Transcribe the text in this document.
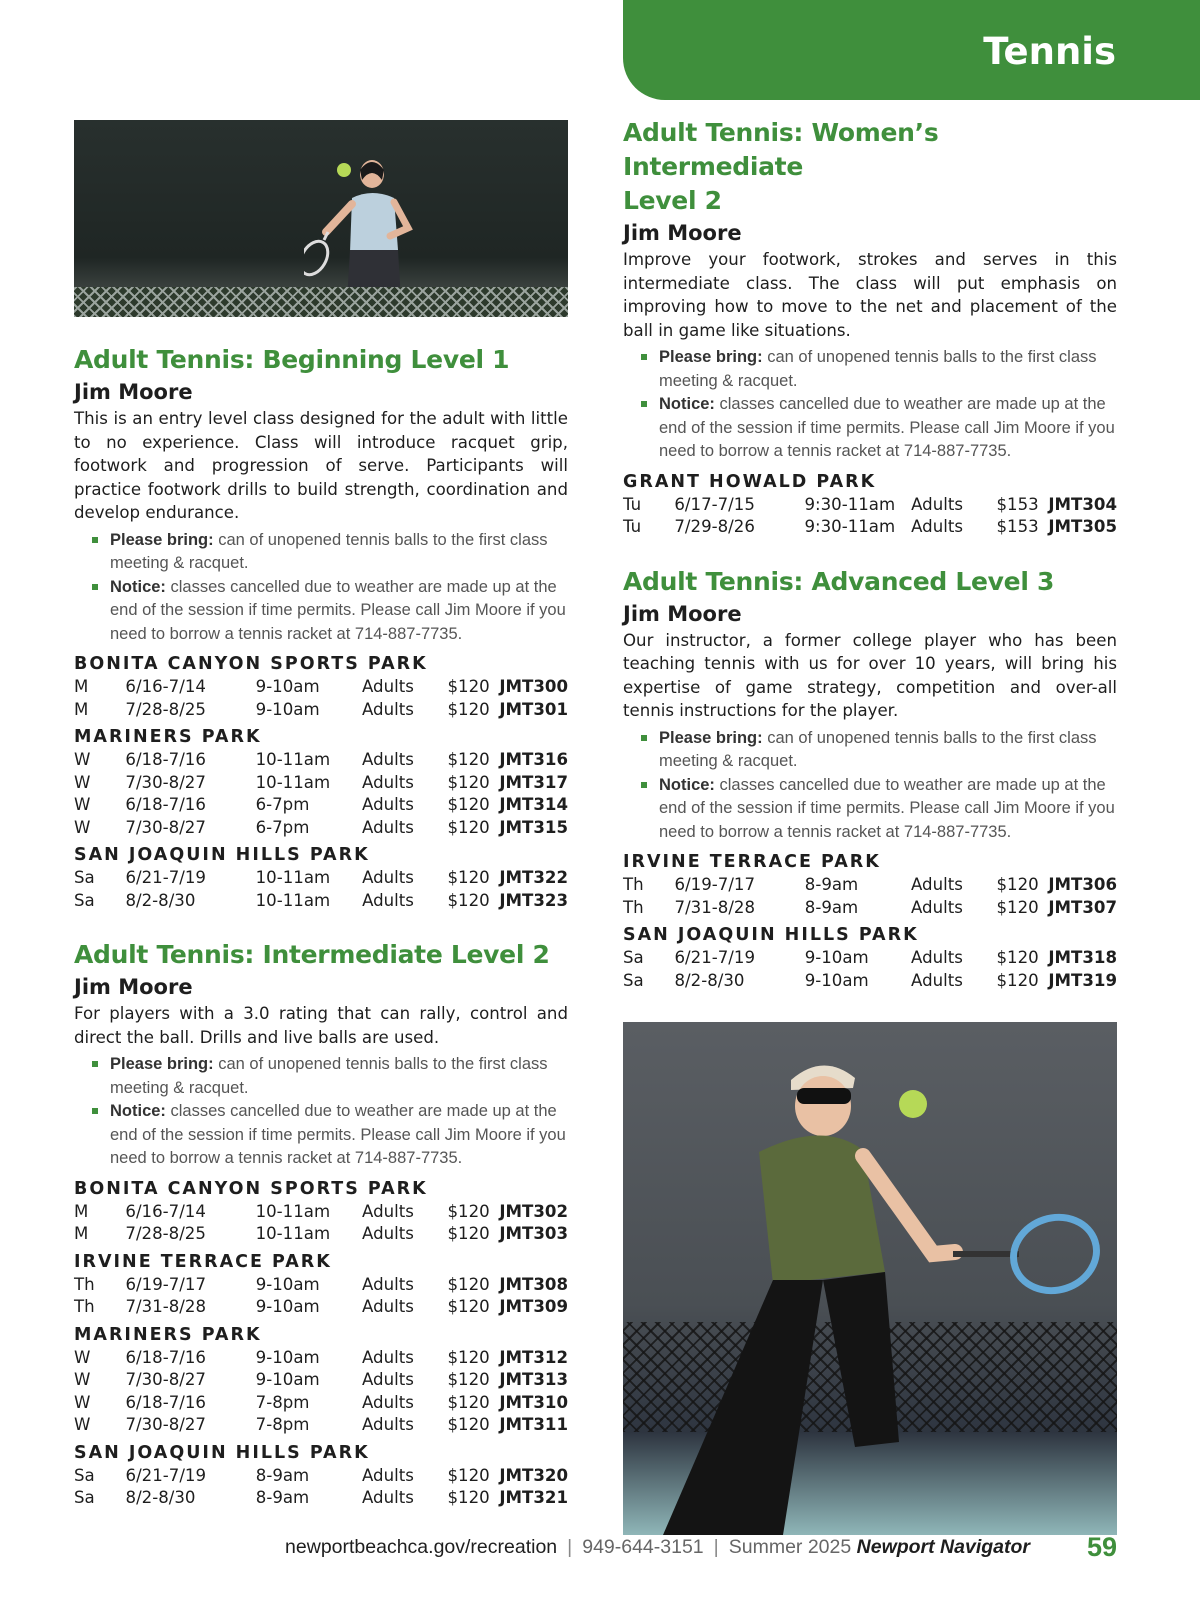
Tennis
Adult Tennis: Beginning Level 1
Jim Moore

This is an entry level class designed for the adult with little to no experience. Class will introduce racquet grip, footwork and progression of serve. Participants will practice footwork drills to build strength, coordination and develop endurance.

Please bring: can of unopened tennis balls to the first class meeting & racquet.
Notice: classes cancelled due to weather are made up at the end of the session if time permits. Please call Jim Moore if you need to borrow a tennis racket at 714-887-7735.
BONITA CANYON SPORTS PARK
M	6/16-7/14	9-10am	Adults	$120	JMT300
M	7/28-8/25	9-10am	Adults	$120	JMT301
MARINERS PARK
W	6/18-7/16	10-11am	Adults	$120	JMT316
W	7/30-8/27	10-11am	Adults	$120	JMT317
W	6/18-7/16	6-7pm	Adults	$120	JMT314
W	7/30-8/27	6-7pm	Adults	$120	JMT315
SAN JOAQUIN HILLS PARK
Sa	6/21-7/19	10-11am	Adults	$120	JMT322
Sa	8/2-8/30	10-11am	Adults	$120	JMT323
Adult Tennis: Intermediate Level 2
Jim Moore

For players with a 3.0 rating that can rally, control and direct the ball. Drills and live balls are used.

Please bring: can of unopened tennis balls to the first class meeting & racquet.
Notice: classes cancelled due to weather are made up at the end of the session if time permits. Please call Jim Moore if you need to borrow a tennis racket at 714-887-7735.
BONITA CANYON SPORTS PARK
M	6/16-7/14	10-11am	Adults	$120	JMT302
M	7/28-8/25	10-11am	Adults	$120	JMT303
IRVINE TERRACE PARK
Th	6/19-7/17	9-10am	Adults	$120	JMT308
Th	7/31-8/28	9-10am	Adults	$120	JMT309
MARINERS PARK
W	6/18-7/16	9-10am	Adults	$120	JMT312
W	7/30-8/27	9-10am	Adults	$120	JMT313
W	6/18-7/16	7-8pm	Adults	$120	JMT310
W	7/30-8/27	7-8pm	Adults	$120	JMT311
SAN JOAQUIN HILLS PARK
Sa	6/21-7/19	8-9am	Adults	$120	JMT320
Sa	8/2-8/30	8-9am	Adults	$120	JMT321
Adult Tennis: Women’s Intermediate
Level 2
Jim Moore

Improve your footwork, strokes and serves in this intermediate class. The class will put emphasis on improving how to move to the net and placement of the ball in game like situations.

Please bring: can of unopened tennis balls to the first class meeting & racquet.
Notice: classes cancelled due to weather are made up at the end of the session if time permits. Please call Jim Moore if you need to borrow a tennis racket at 714-887-7735.
GRANT HOWALD PARK
Tu	6/17-7/15	9:30-11am	Adults	$153	JMT304
Tu	7/29-8/26	9:30-11am	Adults	$153	JMT305
Adult Tennis: Advanced Level 3
Jim Moore

Our instructor, a former college player who has been teaching tennis with us for over 10 years, will bring his expertise of game strategy, competition and over-all tennis instructions for the player.

Please bring: can of unopened tennis balls to the first class meeting & racquet.
Notice: classes cancelled due to weather are made up at the end of the session if time permits. Please call Jim Moore if you need to borrow a tennis racket at 714-887-7735.
IRVINE TERRACE PARK
Th	6/19-7/17	8-9am	Adults	$120	JMT306
Th	7/31-8/28	8-9am	Adults	$120	JMT307
SAN JOAQUIN HILLS PARK
Sa	6/21-7/19	9-10am	Adults	$120	JMT318
Sa	8/2-8/30	9-10am	Adults	$120	JMT319
newportbeachca.gov/recreation | 949-644-3151 | Summer 2025 Newport Navigator 59
